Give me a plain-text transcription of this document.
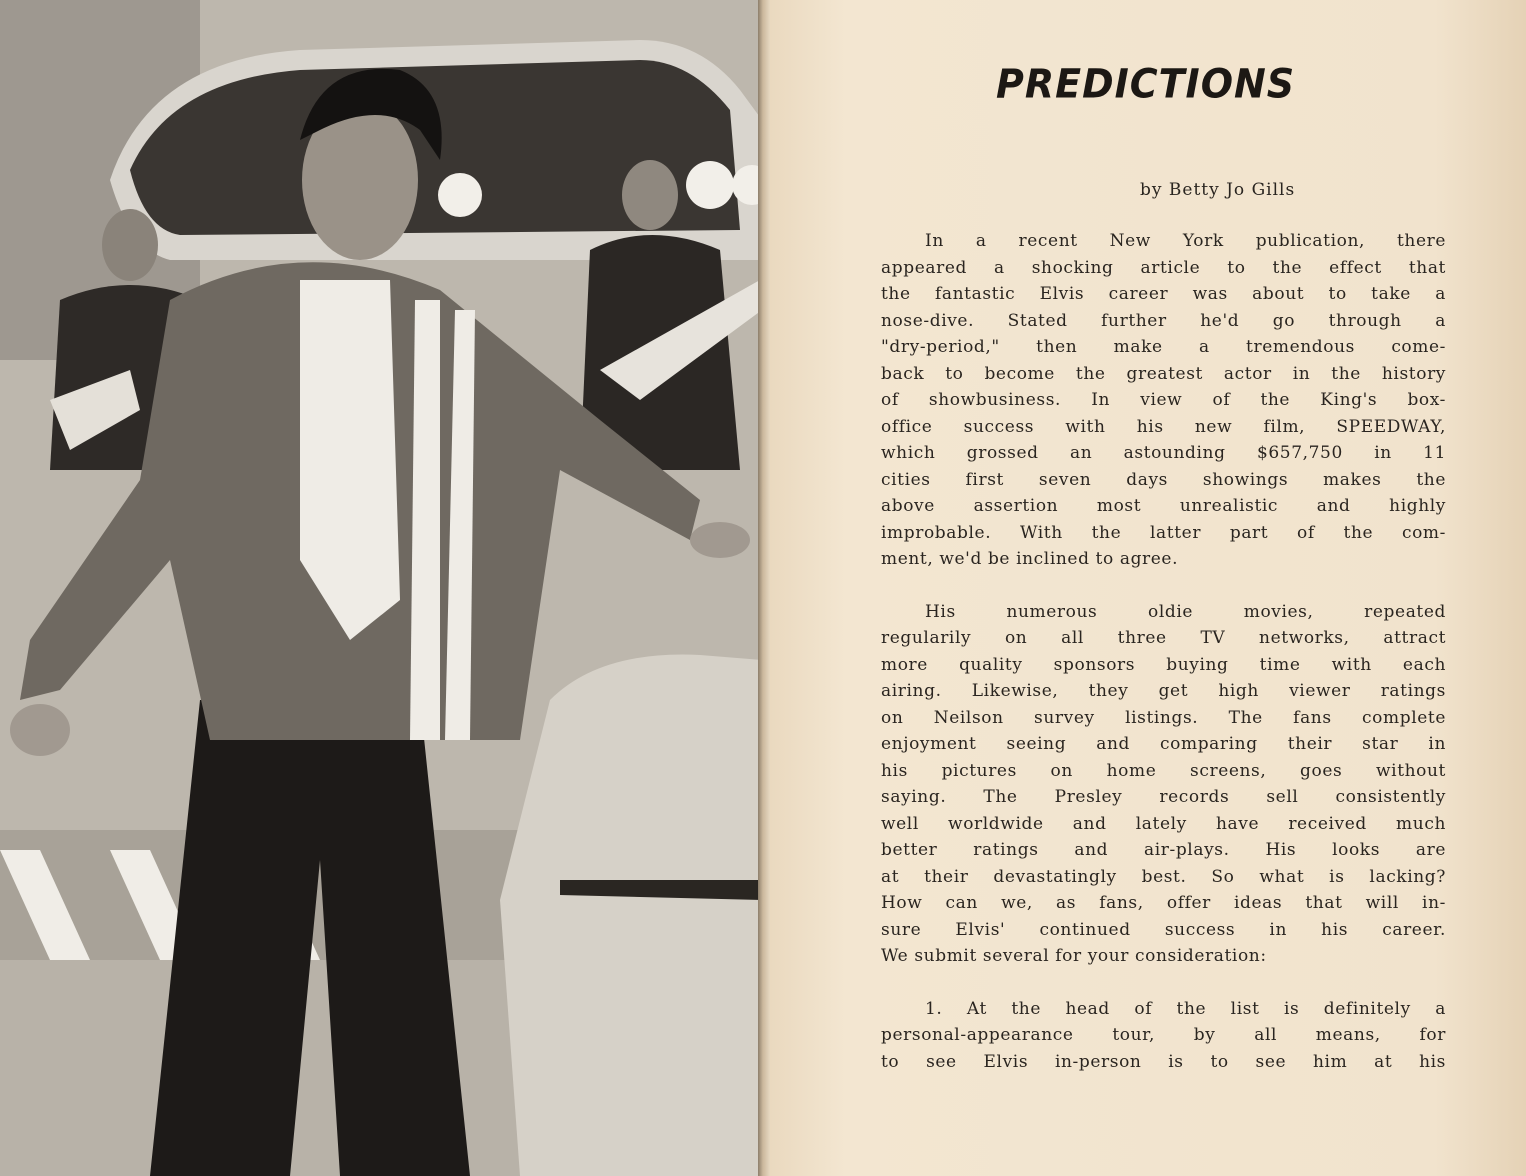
PREDICTIONS
by Betty Jo Gills
In a recent New York publication, there
appeared a shocking article to the effect that
the fantastic Elvis career was about to take a
nose-dive. Stated further he'd go through a
"dry-period," then make a tremendous come-
back to become the greatest actor in the history
of showbusiness. In view of the King's box-
office success with his new film, SPEEDWAY,
which grossed an astounding $657,750 in 11
cities first seven days showings makes the
above assertion most unrealistic and highly
improbable. With the latter part of the com-
ment, we'd be inclined to agree.
His numerous oldie movies, repeated
regularily on all three TV networks, attract
more quality sponsors buying time with each
airing. Likewise, they get high viewer ratings
on Neilson survey listings. The fans complete
enjoyment seeing and comparing their star in
his pictures on home screens, goes without
saying. The Presley records sell consistently
well worldwide and lately have received much
better ratings and air-plays. His looks are
at their devastatingly best. So what is lacking?
How can we, as fans, offer ideas that will in-
sure Elvis' continued success in his career.
We submit several for your consideration:
1. At the head of the list is definitely a
personal-appearance tour, by all means, for
to see Elvis in-person is to see him at his
